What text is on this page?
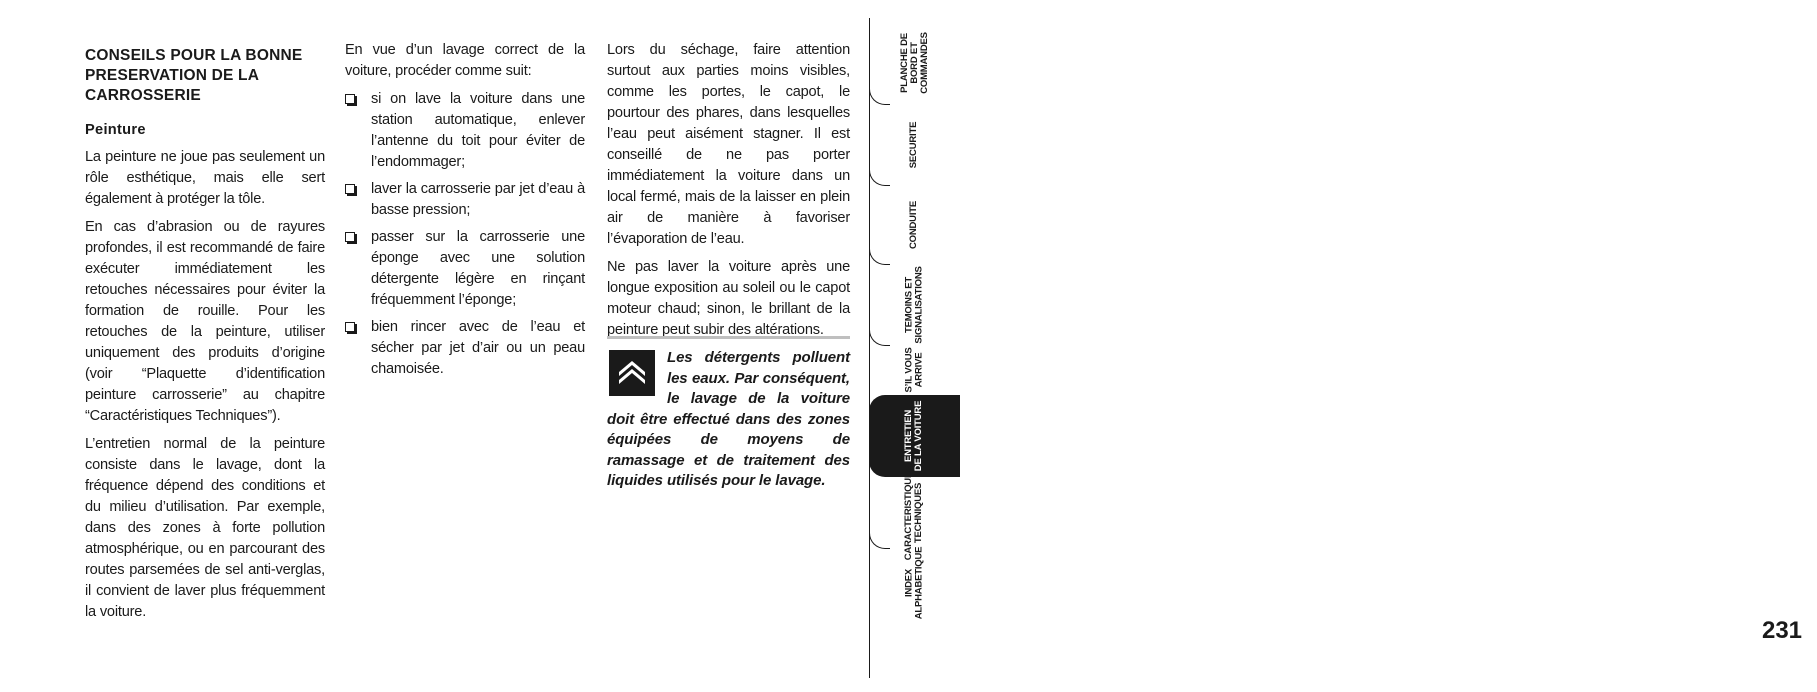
CONSEILS POUR LA BONNE PRESERVATION DE LA CARROSSERIE
Peinture

La peinture ne joue pas seulement un rôle esthétique, mais elle sert également à protéger la tôle.

En cas d’abrasion ou de rayures profondes, il est recommandé de faire exécuter immédiatement les retouches nécessaires pour éviter la formation de rouille. Pour les retouches de la peinture, utiliser uniquement des produits d’origine (voir “Plaquette d’identification peinture carrosserie” au chapitre “Caractéristiques Techniques”).

L’entretien normal de la peinture consiste dans le lavage, dont la fréquence dépend des conditions et du milieu d’utilisation. Par exemple, dans des zones à forte pollution atmosphérique, ou en parcourant des routes parsemées de sel anti-verglas, il convient de laver plus fréquemment la voiture.

En vue d’un lavage correct de la voiture, procéder comme suit:

si on lave la voiture dans une station automatique, enlever l’antenne du toit pour éviter de l’endommager;
laver la carrosserie par jet d’eau à basse pression;
passer sur la carrosserie une éponge avec une solution détergente légère en rinçant fréquemment l’éponge;
bien rincer avec de l’eau et sécher par jet d’air ou un peau chamoisée.

Lors du séchage, faire attention surtout aux parties moins visibles, comme les portes, le capot, le pourtour des phares, dans lesquelles l’eau peut aisément stagner. Il est conseillé de ne pas porter immédiatement la voiture dans un local fermé, mais de la laisser en plein air de manière à favoriser l’évaporation de l’eau.

Ne pas laver la voiture après une longue exposition au soleil ou le capot moteur chaud; sinon, le brillant de la peinture peut subir des altérations.

Les détergents polluent les eaux. Par conséquent, le lavage de la voiture doit être effectué dans des zones équipées de moyens de ramassage et de traitement des liquides utilisés pour le lavage.
PLANCHE DE
BORD ET
COMMANDES
SECURITE
CONDUITE
TEMOINS ET
SIGNALISATIONS
S’IL VOUS
ARRIVE
ENTRETIEN
DE LA VOITURE
CARACTERISTIQUES
TECHNIQUES
INDEX
ALPHABETIQUE
231
